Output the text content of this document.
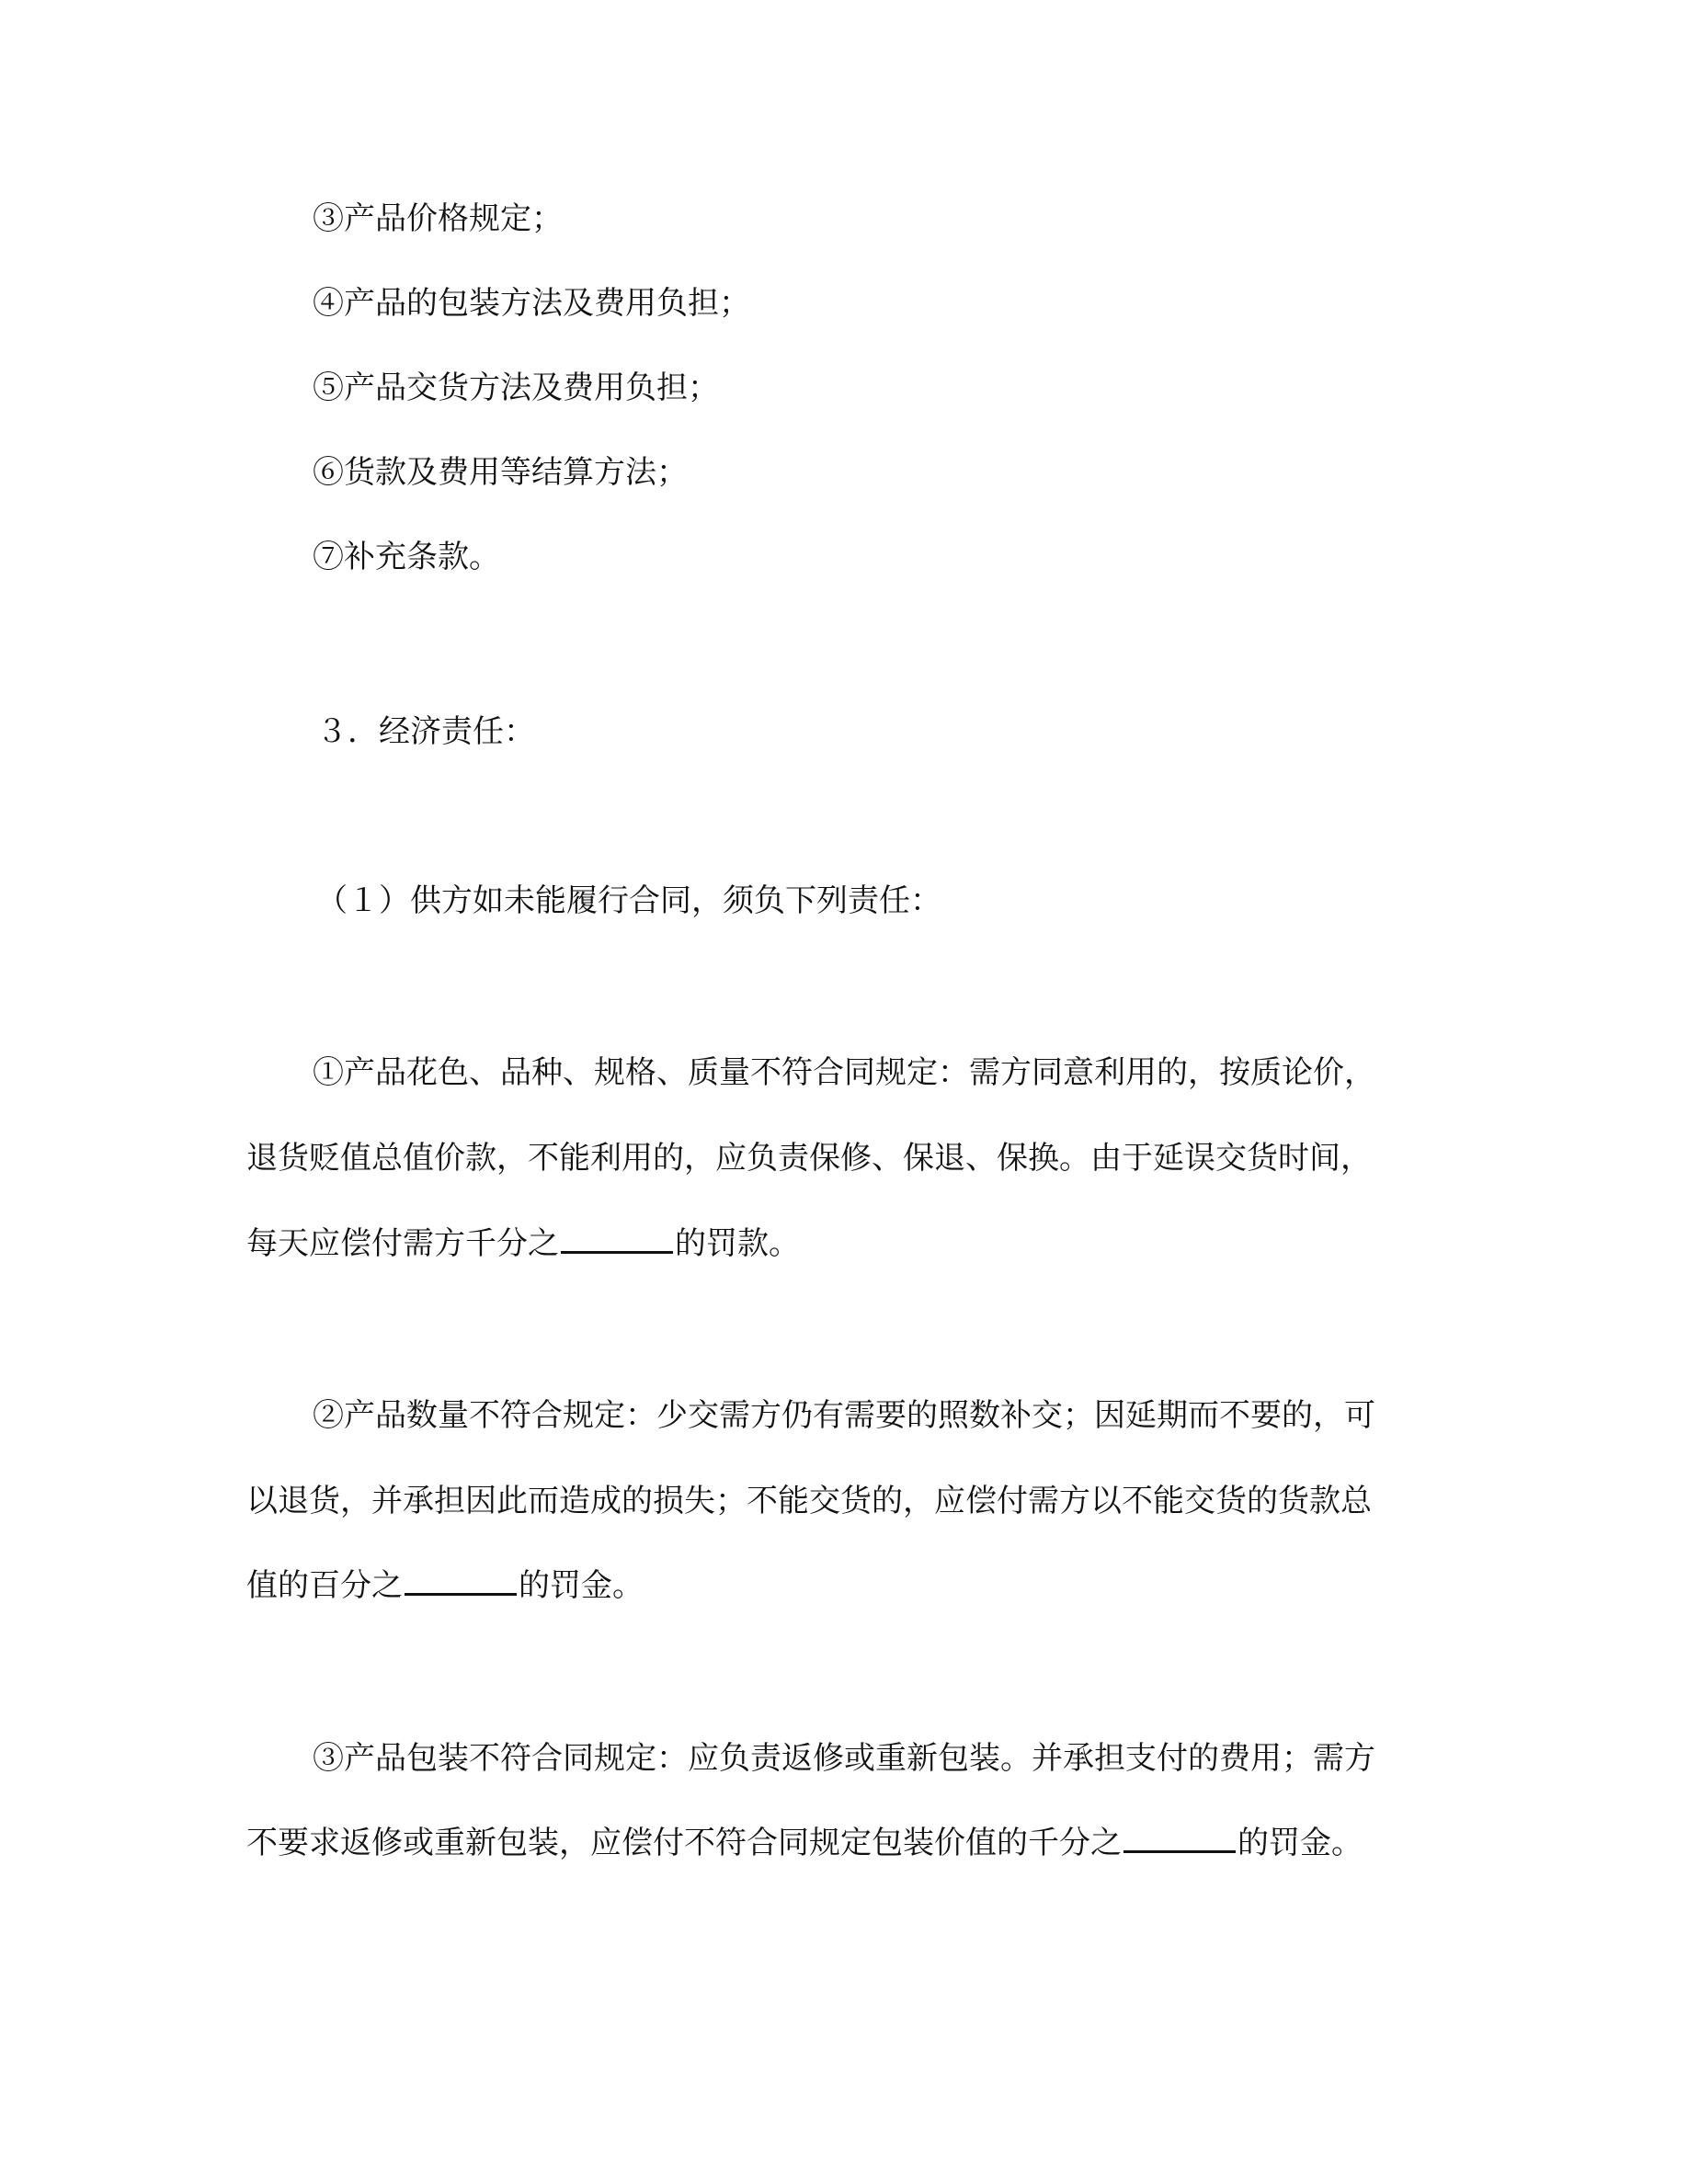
③产品价格规定；
④产品的包装方法及费用负担；
⑤产品交货方法及费用负担；
⑥货款及费用等结算方法；
⑦补充条款。
３．经济责任：
（１）供方如未能履行合同，须负下列责任：
①产品花色、品种、规格、质量不符合同规定：需方同意利用的，按质论价，
退货贬值总值价款，不能利用的，应负责保修、保退、保换。由于延误交货时间，
每天应偿付需方千分之	的罚款。
②产品数量不符合规定：少交需方仍有需要的照数补交；因延期而不要的，可
以退货，并承担因此而造成的损失；不能交货的，应偿付需方以不能交货的货款总
值的百分之	的罚金。
③产品包装不符合同规定：应负责返修或重新包装。并承担支付的费用；需方
不要求返修或重新包装，应偿付不符合同规定包装价值的千分之	的罚金。
